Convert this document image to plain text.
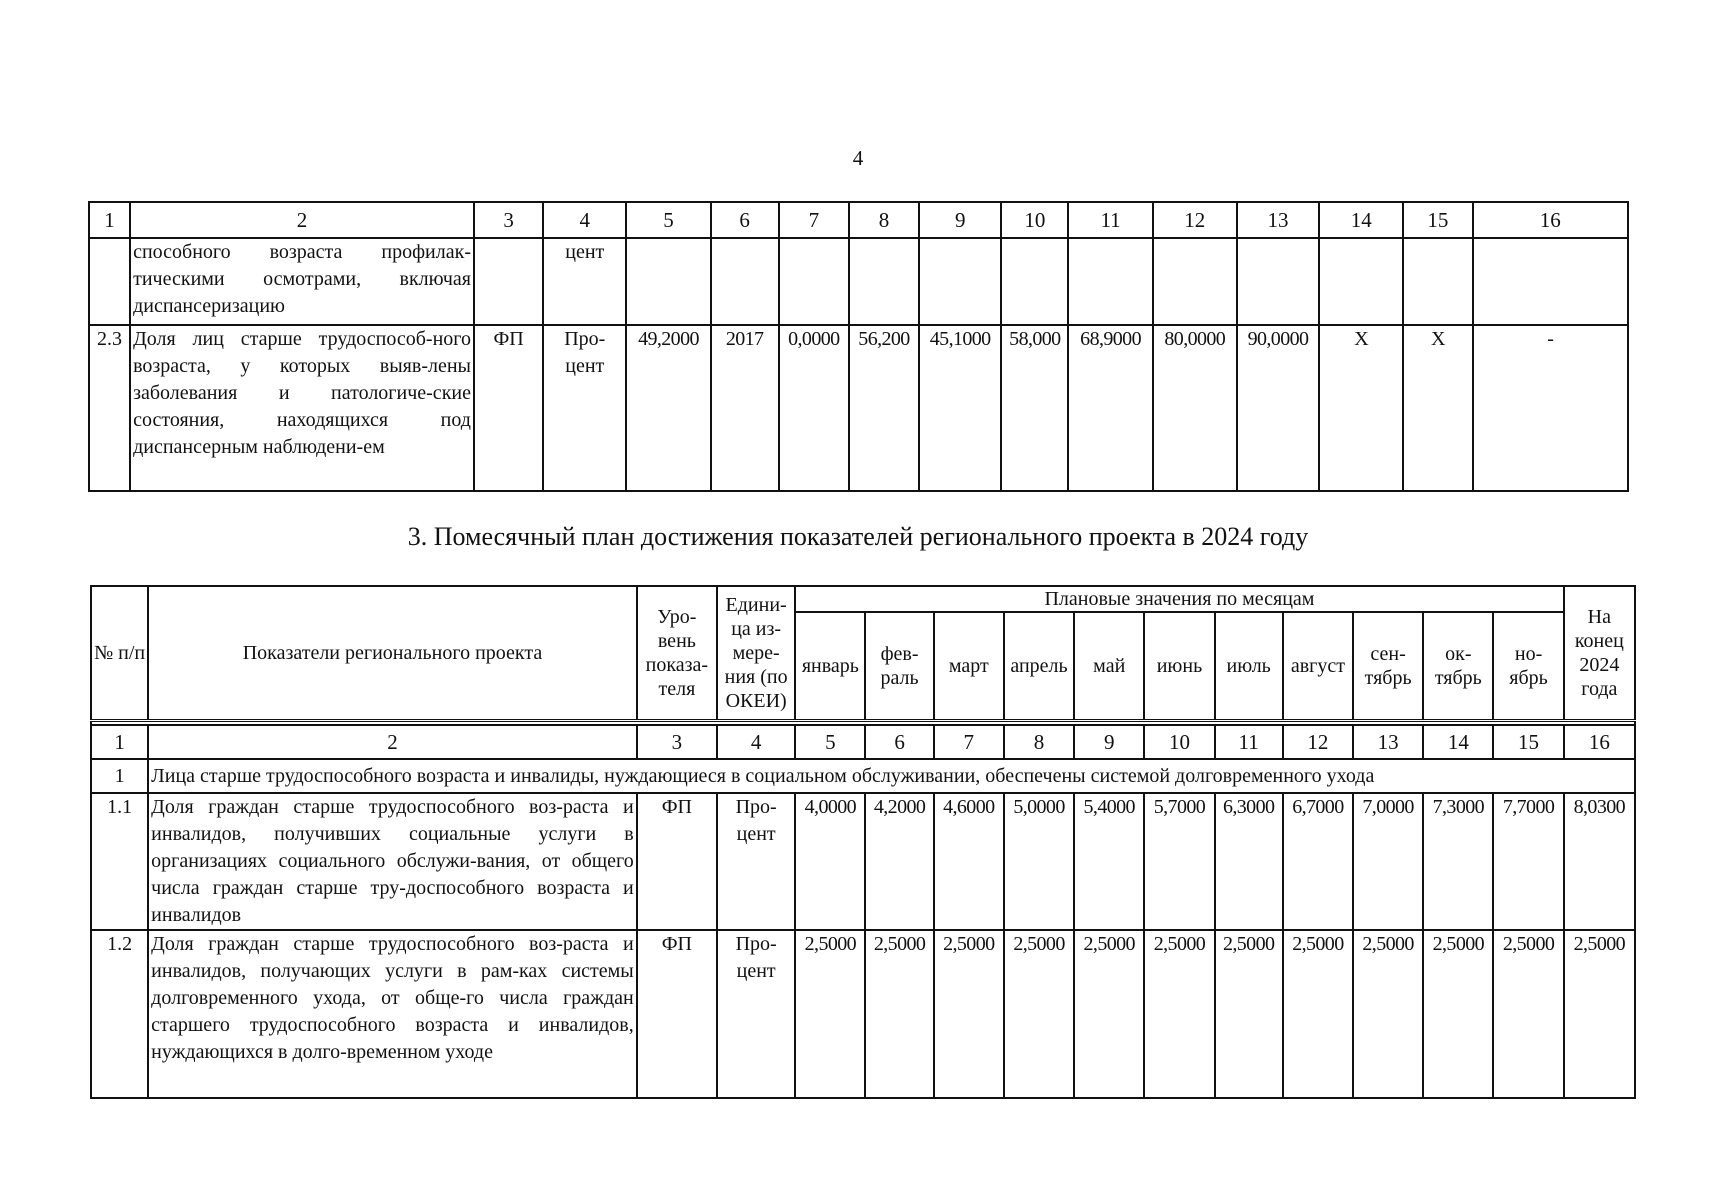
4
1	2	3	4	5	6	7	8	9	10	11	12	13	14	15	16
	способного возраста профилак-тическими осмотрами, включая диспансеризацию		цент												
2.3	Доля лиц старше трудоспособ-ного возраста, у которых выяв-лены заболевания и патологиче-ские состояния, находящихся под диспансерным наблюдени-ем	ФП	Про-цент	49,2000	2017	0,0000	56,200	45,1000	58,000	68,9000	80,0000	90,0000	X	X	-
3. Помесячный план достижения показателей регионального проекта в 2024 году
№ п/п	Показатели регионального проекта	Уро-вень показа-теля	Едини-ца из-мере-ния (по ОКЕИ)	Плановые значения по месяцам											На конец 2024 года
				январь	фев-раль	март	апрель	май	июнь	июль	август	сен-тябрь	ок-тябрь	но-ябрь	

1	2	3	4	5	6	7	8	9	10	11	12	13	14	15	16
1	Лица старше трудоспособного возраста и инвалиды, нуждающиеся в социальном обслуживании, обеспечены системой долговременного ухода														
1.1	Доля граждан старше трудоспособного воз-раста и инвалидов, получивших социальные услуги в организациях социального обслужи-вания, от общего числа граждан старше тру-доспособного возраста и инвалидов	ФП	Про-цент	4,0000	4,2000	4,6000	5,0000	5,4000	5,7000	6,3000	6,7000	7,0000	7,3000	7,7000	8,0300
1.2	Доля граждан старше трудоспособного воз-раста и инвалидов, получающих услуги в рам-ках системы долговременного ухода, от обще-го числа граждан старшего трудоспособного возраста и инвалидов, нуждающихся в долго-временном уходе	ФП	Про-цент	2,5000	2,5000	2,5000	2,5000	2,5000	2,5000	2,5000	2,5000	2,5000	2,5000	2,5000	2,5000
